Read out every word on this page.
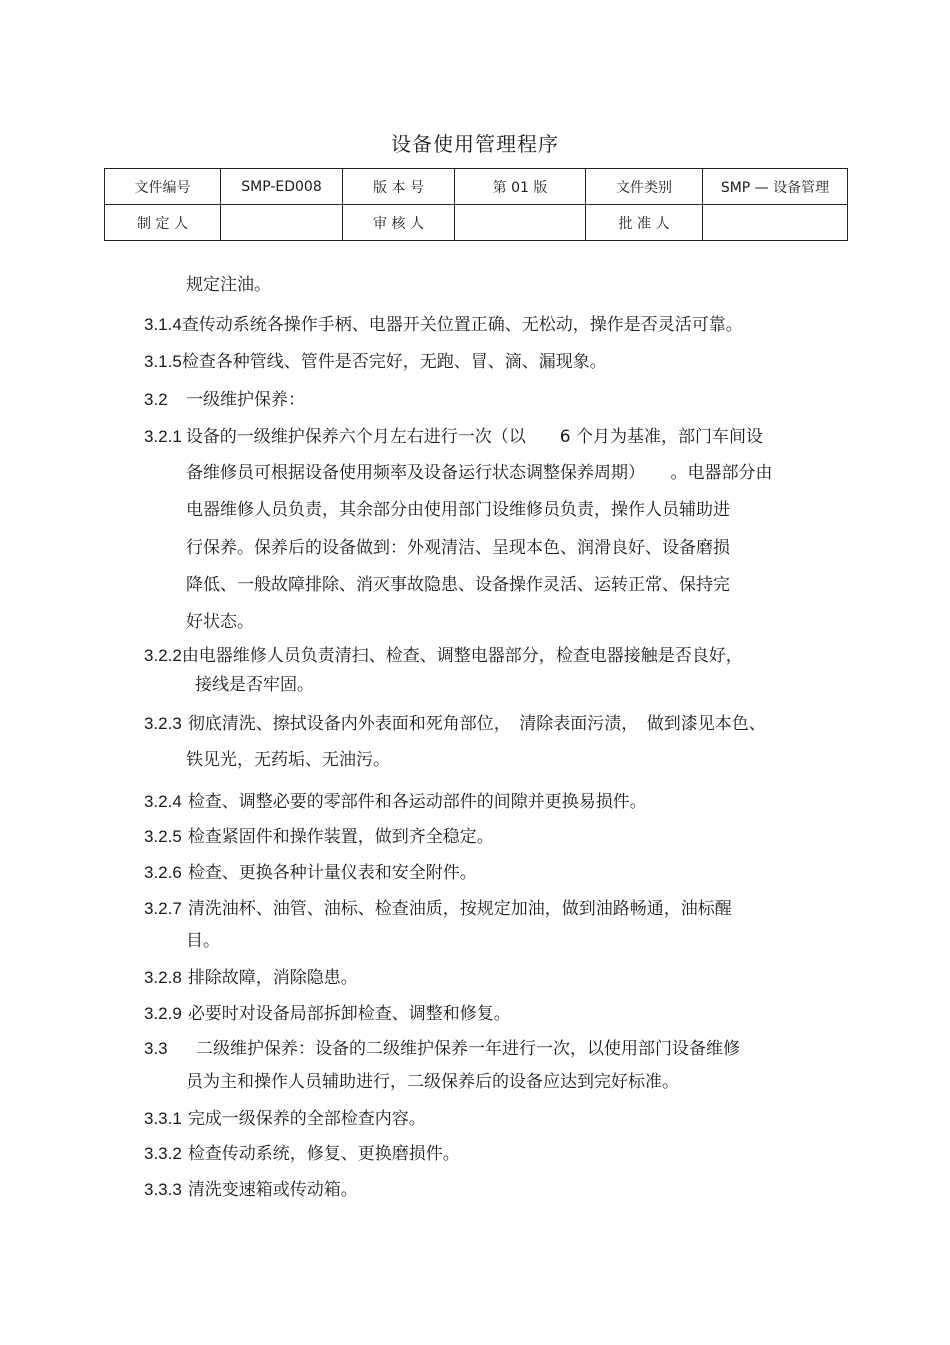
设备使用管理程序
文件编号	SMP-ED008	版 本 号	第 01 版	文件类别	SMP — 设备管理
制 定 人		审 核 人		批 准 人	
规定注油。
3.1.4查传动系统各操作手柄、电器开关位置正确、无松动，操作是否灵活可靠。
3.1.5检查各种管线、管件是否完好，无跑、冒、滴、漏现象。
3.2 一级维护保养：
3.2.1 设备的一级维护保养六个月左右进行一次（以　　6 个月为基准，部门车间设
备维修员可根据设备使用频率及设备运行状态调整保养周期）　　。电器部分由
电器维修人员负责，其余部分由使用部门设维修员负责，操作人员辅助进
行保养。保养后的设备做到：外观清洁、呈现本色、润滑良好、设备磨损
降低、一般故障排除、消灭事故隐患、设备操作灵活、运转正常、保持完
好状态。
3.2.2由电器维修人员负责清扫、检查、调整电器部分，检查电器接触是否良好，
接线是否牢固。
3.2.3 彻底清洗、擦拭设备内外表面和死角部位，　清除表面污渍，　做到漆见本色、
铁见光，无药垢、无油污。
3.2.4 检查、调整必要的零部件和各运动部件的间隙并更换易损件。
3.2.5 检查紧固件和操作装置，做到齐全稳定。
3.2.6 检查、更换各种计量仪表和安全附件。
3.2.7 清洗油杯、油管、油标、检查油质，按规定加油，做到油路畅通，油标醒
目。
3.2.8 排除故障，消除隐患。
3.2.9 必要时对设备局部拆卸检查、调整和修复。
3.3 二级维护保养：设备的二级维护保养一年进行一次，以使用部门设备维修
员为主和操作人员辅助进行，二级保养后的设备应达到完好标准。
3.3.1 完成一级保养的全部检查内容。
3.3.2 检查传动系统，修复、更换磨损件。
3.3.3 清洗变速箱或传动箱。
